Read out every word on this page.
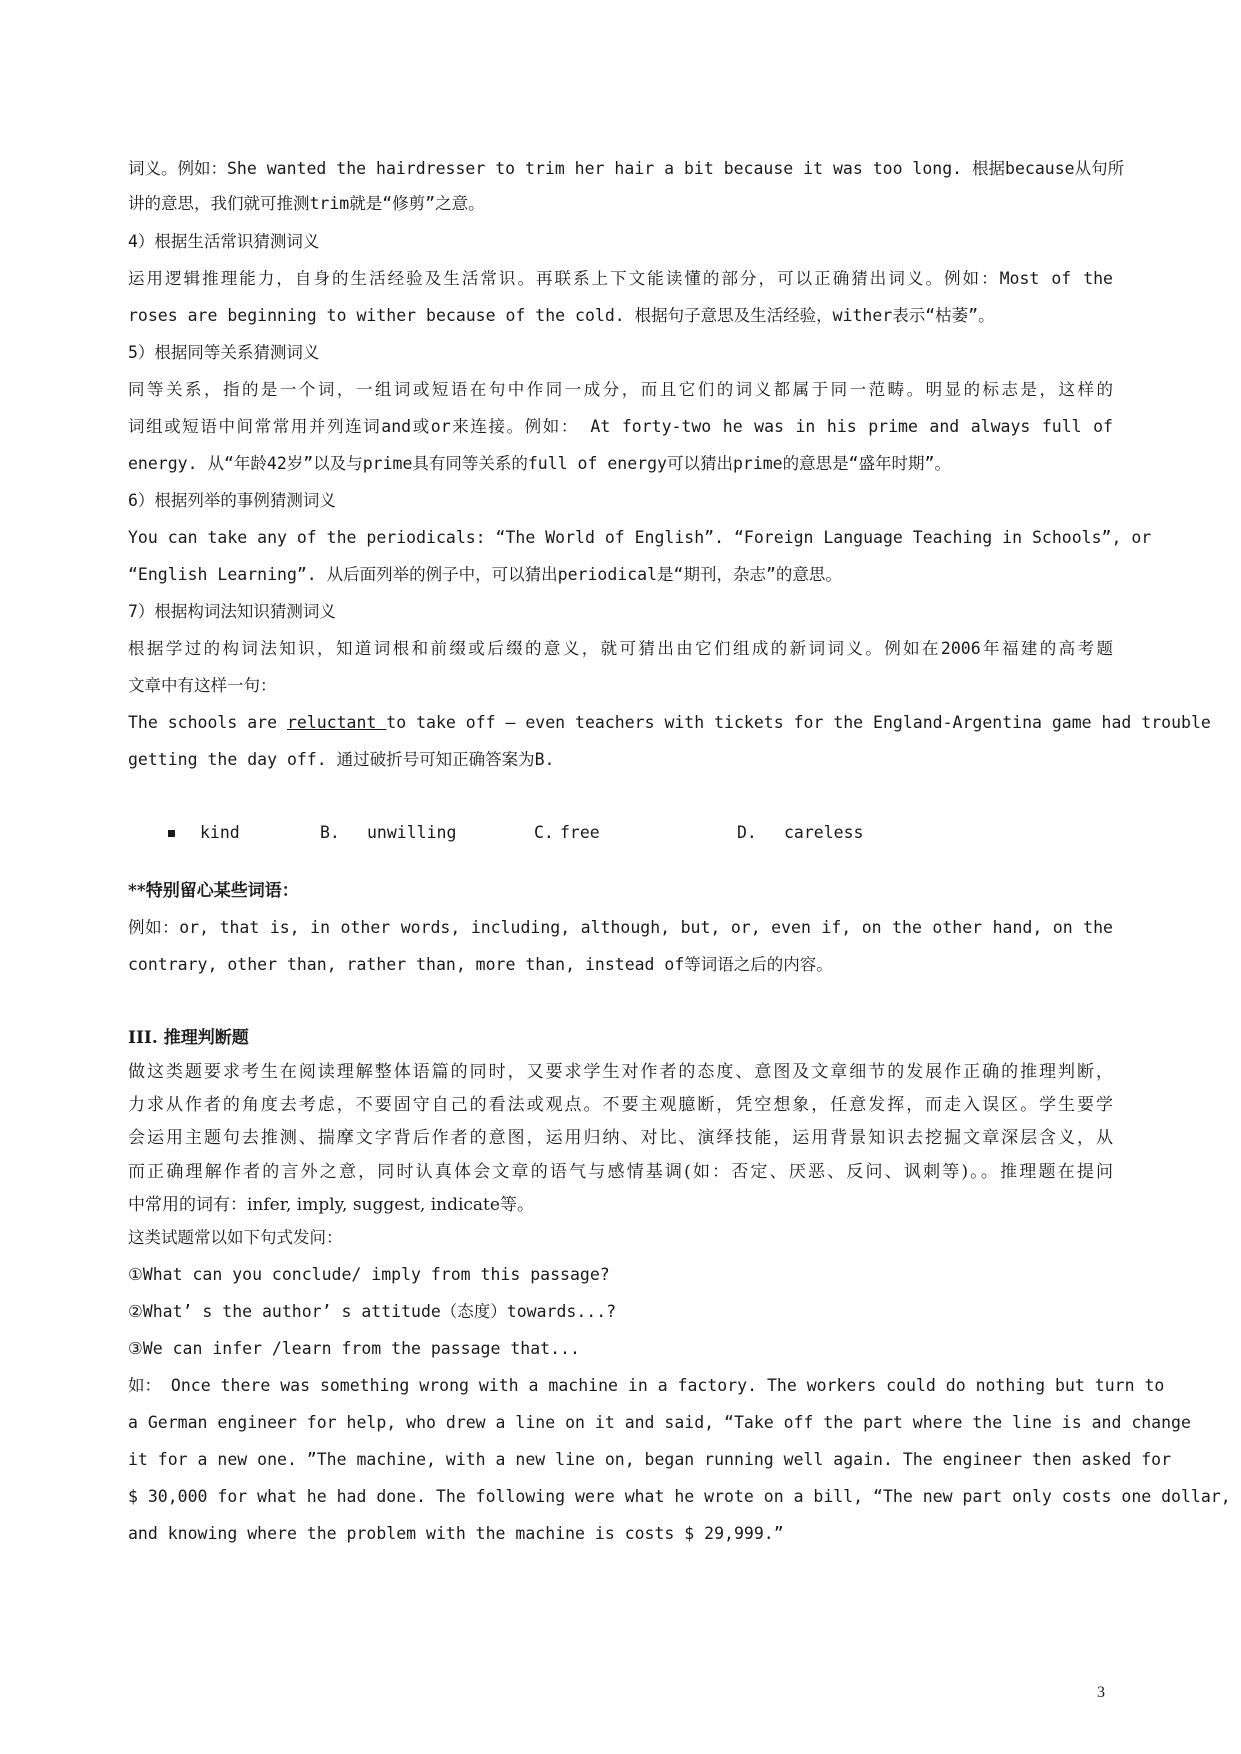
词义。例如：She wanted the hairdresser to trim her hair a bit because it was too long. 根据because从句所

讲的意思，我们就可推测trim就是“修剪”之意。

4）根据生活常识猜测词义

运用逻辑推理能力，自身的生活经验及生活常识。再联系上下文能读懂的部分，可以正确猜出词义。例如：Most of the

roses are beginning to wither because of the cold. 根据句子意思及生活经验，wither表示“枯萎”。

5）根据同等关系猜测词义

同等关系，指的是一个词，一组词或短语在句中作同一成分，而且它们的词义都属于同一范畴。明显的标志是，这样的

词组或短语中间常常用并列连词and或or来连接。例如： At forty-two he was in his prime and always full of

energy. 从“年龄42岁”以及与prime具有同等关系的full of energy可以猜出prime的意思是“盛年时期”。

6）根据列举的事例猜测词义

You can take any of the periodicals: “The World of English”. “Foreign Language Teaching in Schools”, or

“English Learning”. 从后面列举的例子中，可以猜出periodical是“期刊，杂志”的意思。

7）根据构词法知识猜测词义

根据学过的构词法知识，知道词根和前缀或后缀的意义，就可猜出由它们组成的新词词义。例如在2006年福建的高考题

文章中有这样一句：

The schools are reluctant to take off — even teachers with tickets for the England-Argentina game had trouble

getting the day off. 通过破折号可知正确答案为B.

kind	B. unwilling	C. free	D. careless

**特别留心某些词语：

例如：or, that is, in other words, including, although, but, or, even if, on the other hand, on the

contrary, other than, rather than, more than, instead of等词语之后的内容。

III. 推理判断题

做这类题要求考生在阅读理解整体语篇的同时，又要求学生对作者的态度、意图及文章细节的发展作正确的推理判断，

力求从作者的角度去考虑，不要固守自己的看法或观点。不要主观臆断，凭空想象，任意发挥，而走入误区。学生要学

会运用主题句去推测、揣摩文字背后作者的意图，运用归纳、对比、演绎技能，运用背景知识去挖掘文章深层含义，从

而正确理解作者的言外之意，同时认真体会文章的语气与感情基调(如：否定、厌恶、反问、讽刺等)。。推理题在提问

中常用的词有：infer, imply, suggest, indicate等。

这类试题常以如下句式发问：

①What can you conclude/ imply from this passage?

②What’ s the author’ s attitude（态度）towards...?

③We can infer /learn from the passage that...

如： Once there was something wrong with a machine in a factory. The workers could do nothing but turn to

a German engineer for help, who drew a line on it and said, “Take off the part where the line is and change

it for a new one. ”The machine, with a new line on, began running well again. The engineer then asked for

$ 30,000 for what he had done. The following were what he wrote on a bill, “The new part only costs one dollar,

and knowing where the problem with the machine is costs $ 29,999.”

3
